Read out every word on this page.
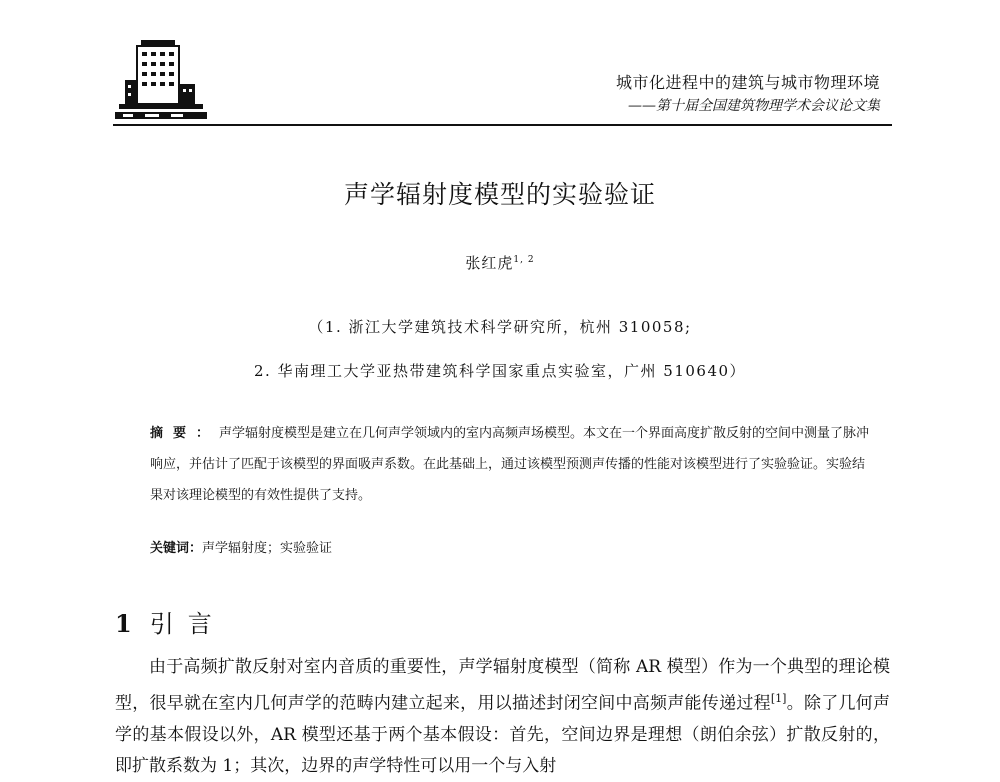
城市化进程中的建筑与城市物理环境
——第十届全国建筑物理学术会议论文集
声学辐射度模型的实验验证
张红虎$^{1, 2}$
（1. 浙江大学建筑技术科学研究所，杭州 310058;
2. 华南理工大学亚热带建筑科学国家重点实验室，广州 510640）
摘要：声学辐射度模型是建立在几何声学领域内的室内高频声场模型。本文在一个界面高度扩散反射的空间中测量了脉冲响应，并估计了匹配于该模型的界面吸声系数。在此基础上，通过该模型预测声传播的性能对该模型进行了实验验证。实验结果对该理论模型的有效性提供了支持。
关键词：声学辐射度；实验验证
1 引言
由于高频扩散反射对室内音质的重要性，声学辐射度模型（简称 AR 模型）作为一个典型的理论模型，很早就在室内几何声学的范畴内建立起来，用以描述封闭空间中高频声能传递过程[1]。除了几何声学的基本假设以外，AR 模型还基于两个基本假设：首先，空间边界是理想（朗伯余弦）扩散反射的，即扩散系数为 1；其次，边界的声学特性可以用一个与入射
